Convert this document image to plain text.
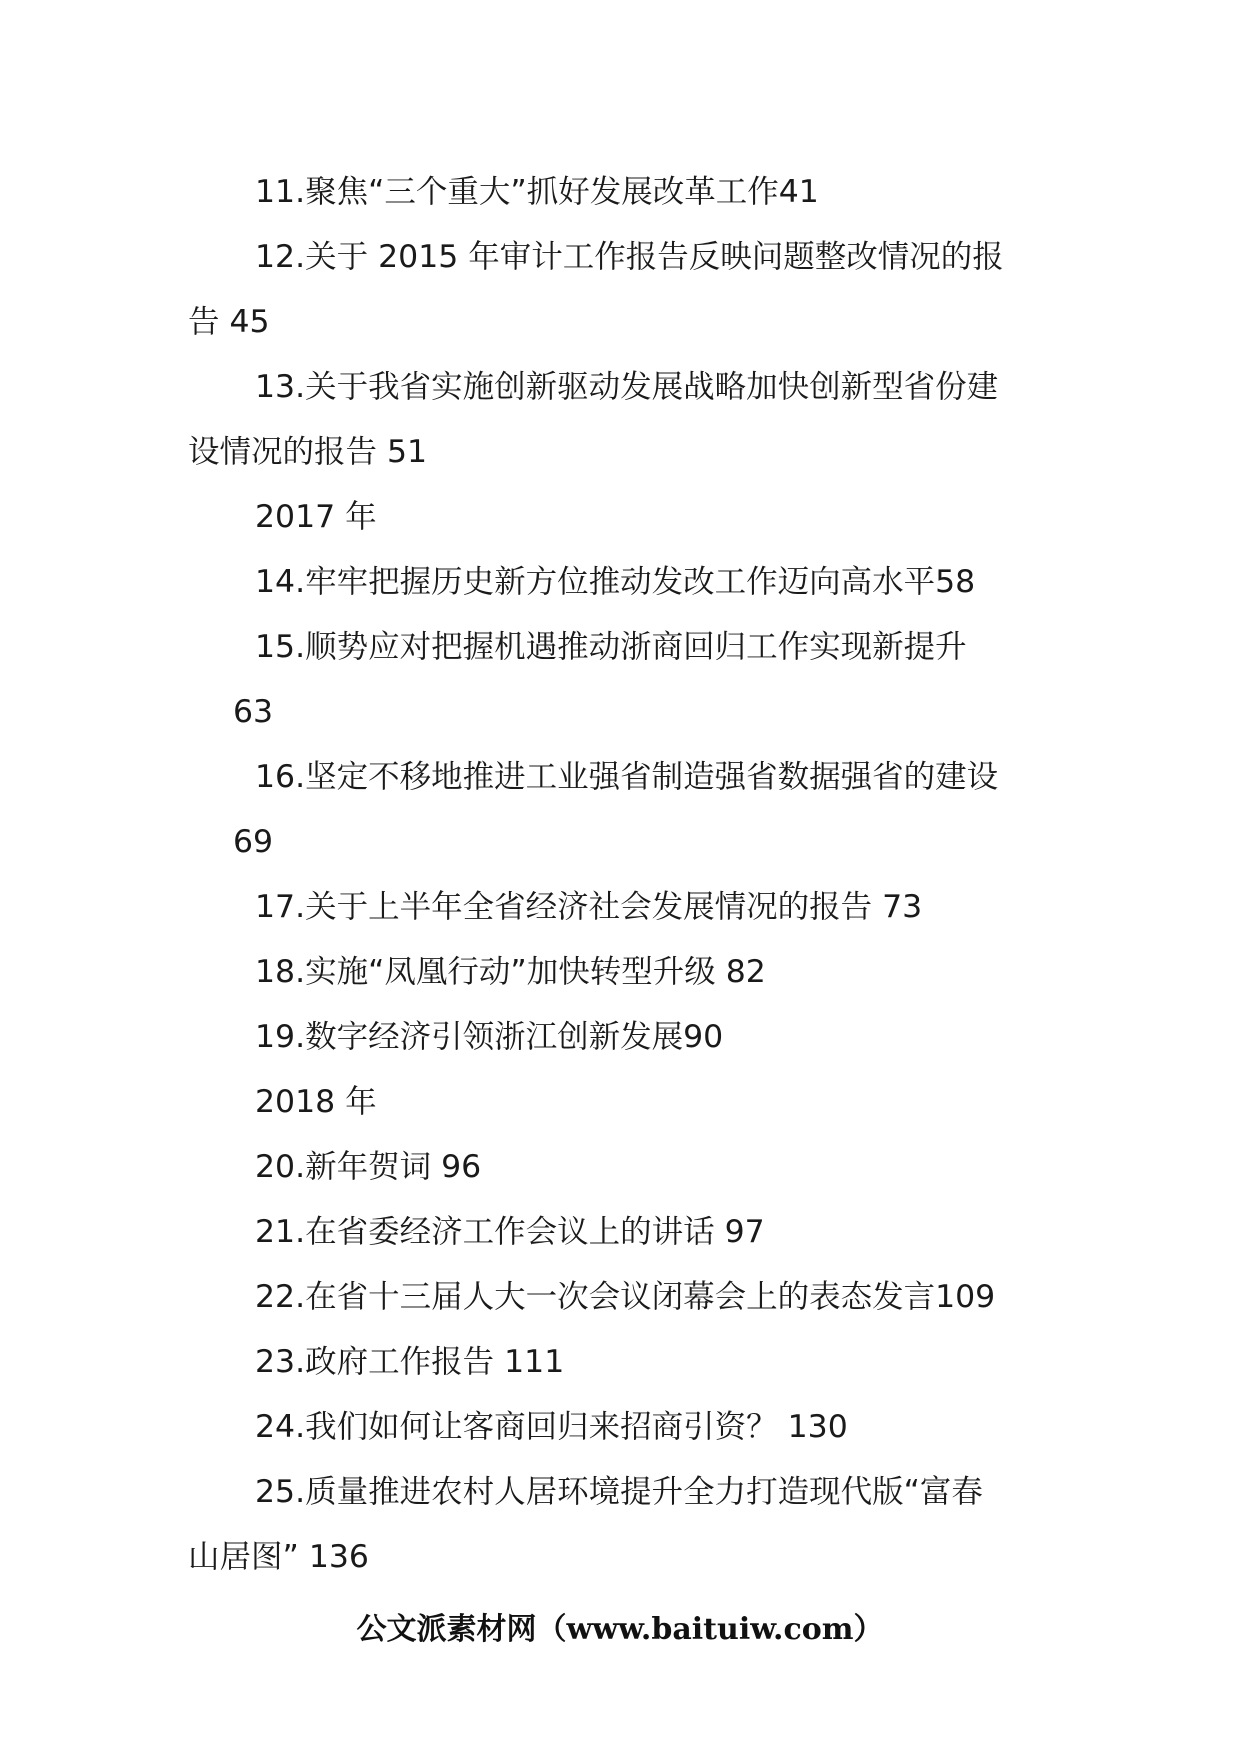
11.聚焦“三个重大”抓好发展改革工作41
12.关于 2015 年审计工作报告反映问题整改情况的报
告 45
13.关于我省实施创新驱动发展战略加快创新型省份建
设情况的报告 51
2017 年
14.牢牢把握历史新方位推动发改工作迈向高水平58
15.顺势应对把握机遇推动浙商回归工作实现新提升
63
16.坚定不移地推进工业强省制造强省数据强省的建设
69
17.关于上半年全省经济社会发展情况的报告 73
18.实施“凤凰行动”加快转型升级 82
19.数字经济引领浙江创新发展90
2018 年
20.新年贺词 96
21.在省委经济工作会议上的讲话 97
22.在省十三届人大一次会议闭幕会上的表态发言109
23.政府工作报告 111
24.我们如何让客商回归来招商引资？ 130
25.质量推进农村人居环境提升全力打造现代版“富春
山居图” 136
公文派素材网（www.baituiw.com）
